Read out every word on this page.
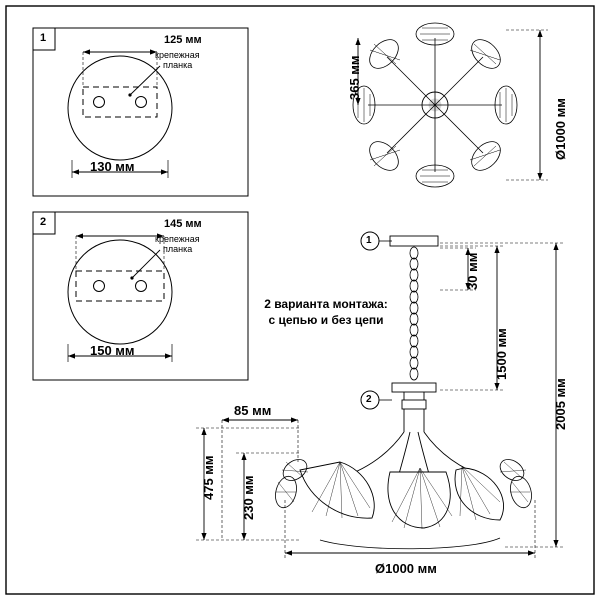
1	125 мм
крепежная
планка
130 мм
2	145 мм
крепежная
планка
150 мм
365 мм
Ø1000 мм
2 варианта монтажа:
с цепью и без цепи
1
2
30 мм
1500 мм
2005 мм
85 мм
475 мм 230 мм
Ø1000 мм
